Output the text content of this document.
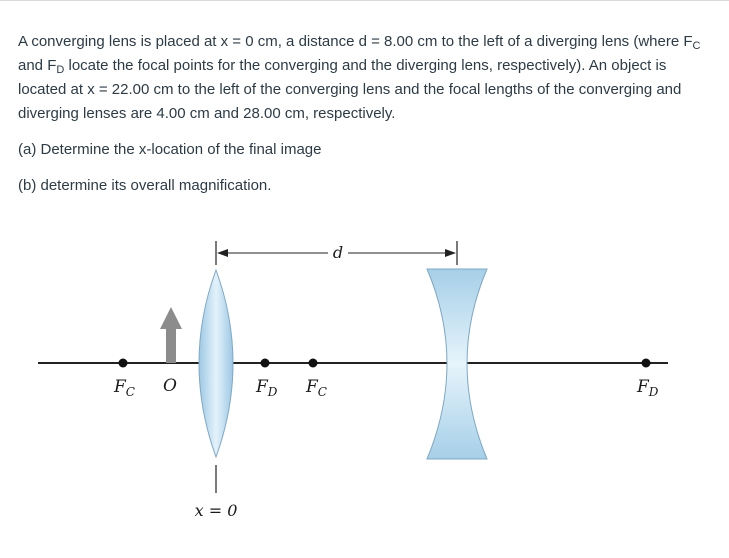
A converging lens is placed at x = 0 cm, a distance d = 8.00 cm to the left of a diverging lens (where $F_C$ and $F_D$ locate the focal points for the converging and the diverging lens, respectively). An object is located at x = 22.00 cm to the left of the converging lens and the focal lengths of the converging and diverging lenses are 4.00 cm and 28.00 cm, respectively.

(a) Determine the x-location of the final image

(b) determine its overall magnification.

d
x = 0
O
$F_C$	$F_D$ $F_C$	$F_D$
